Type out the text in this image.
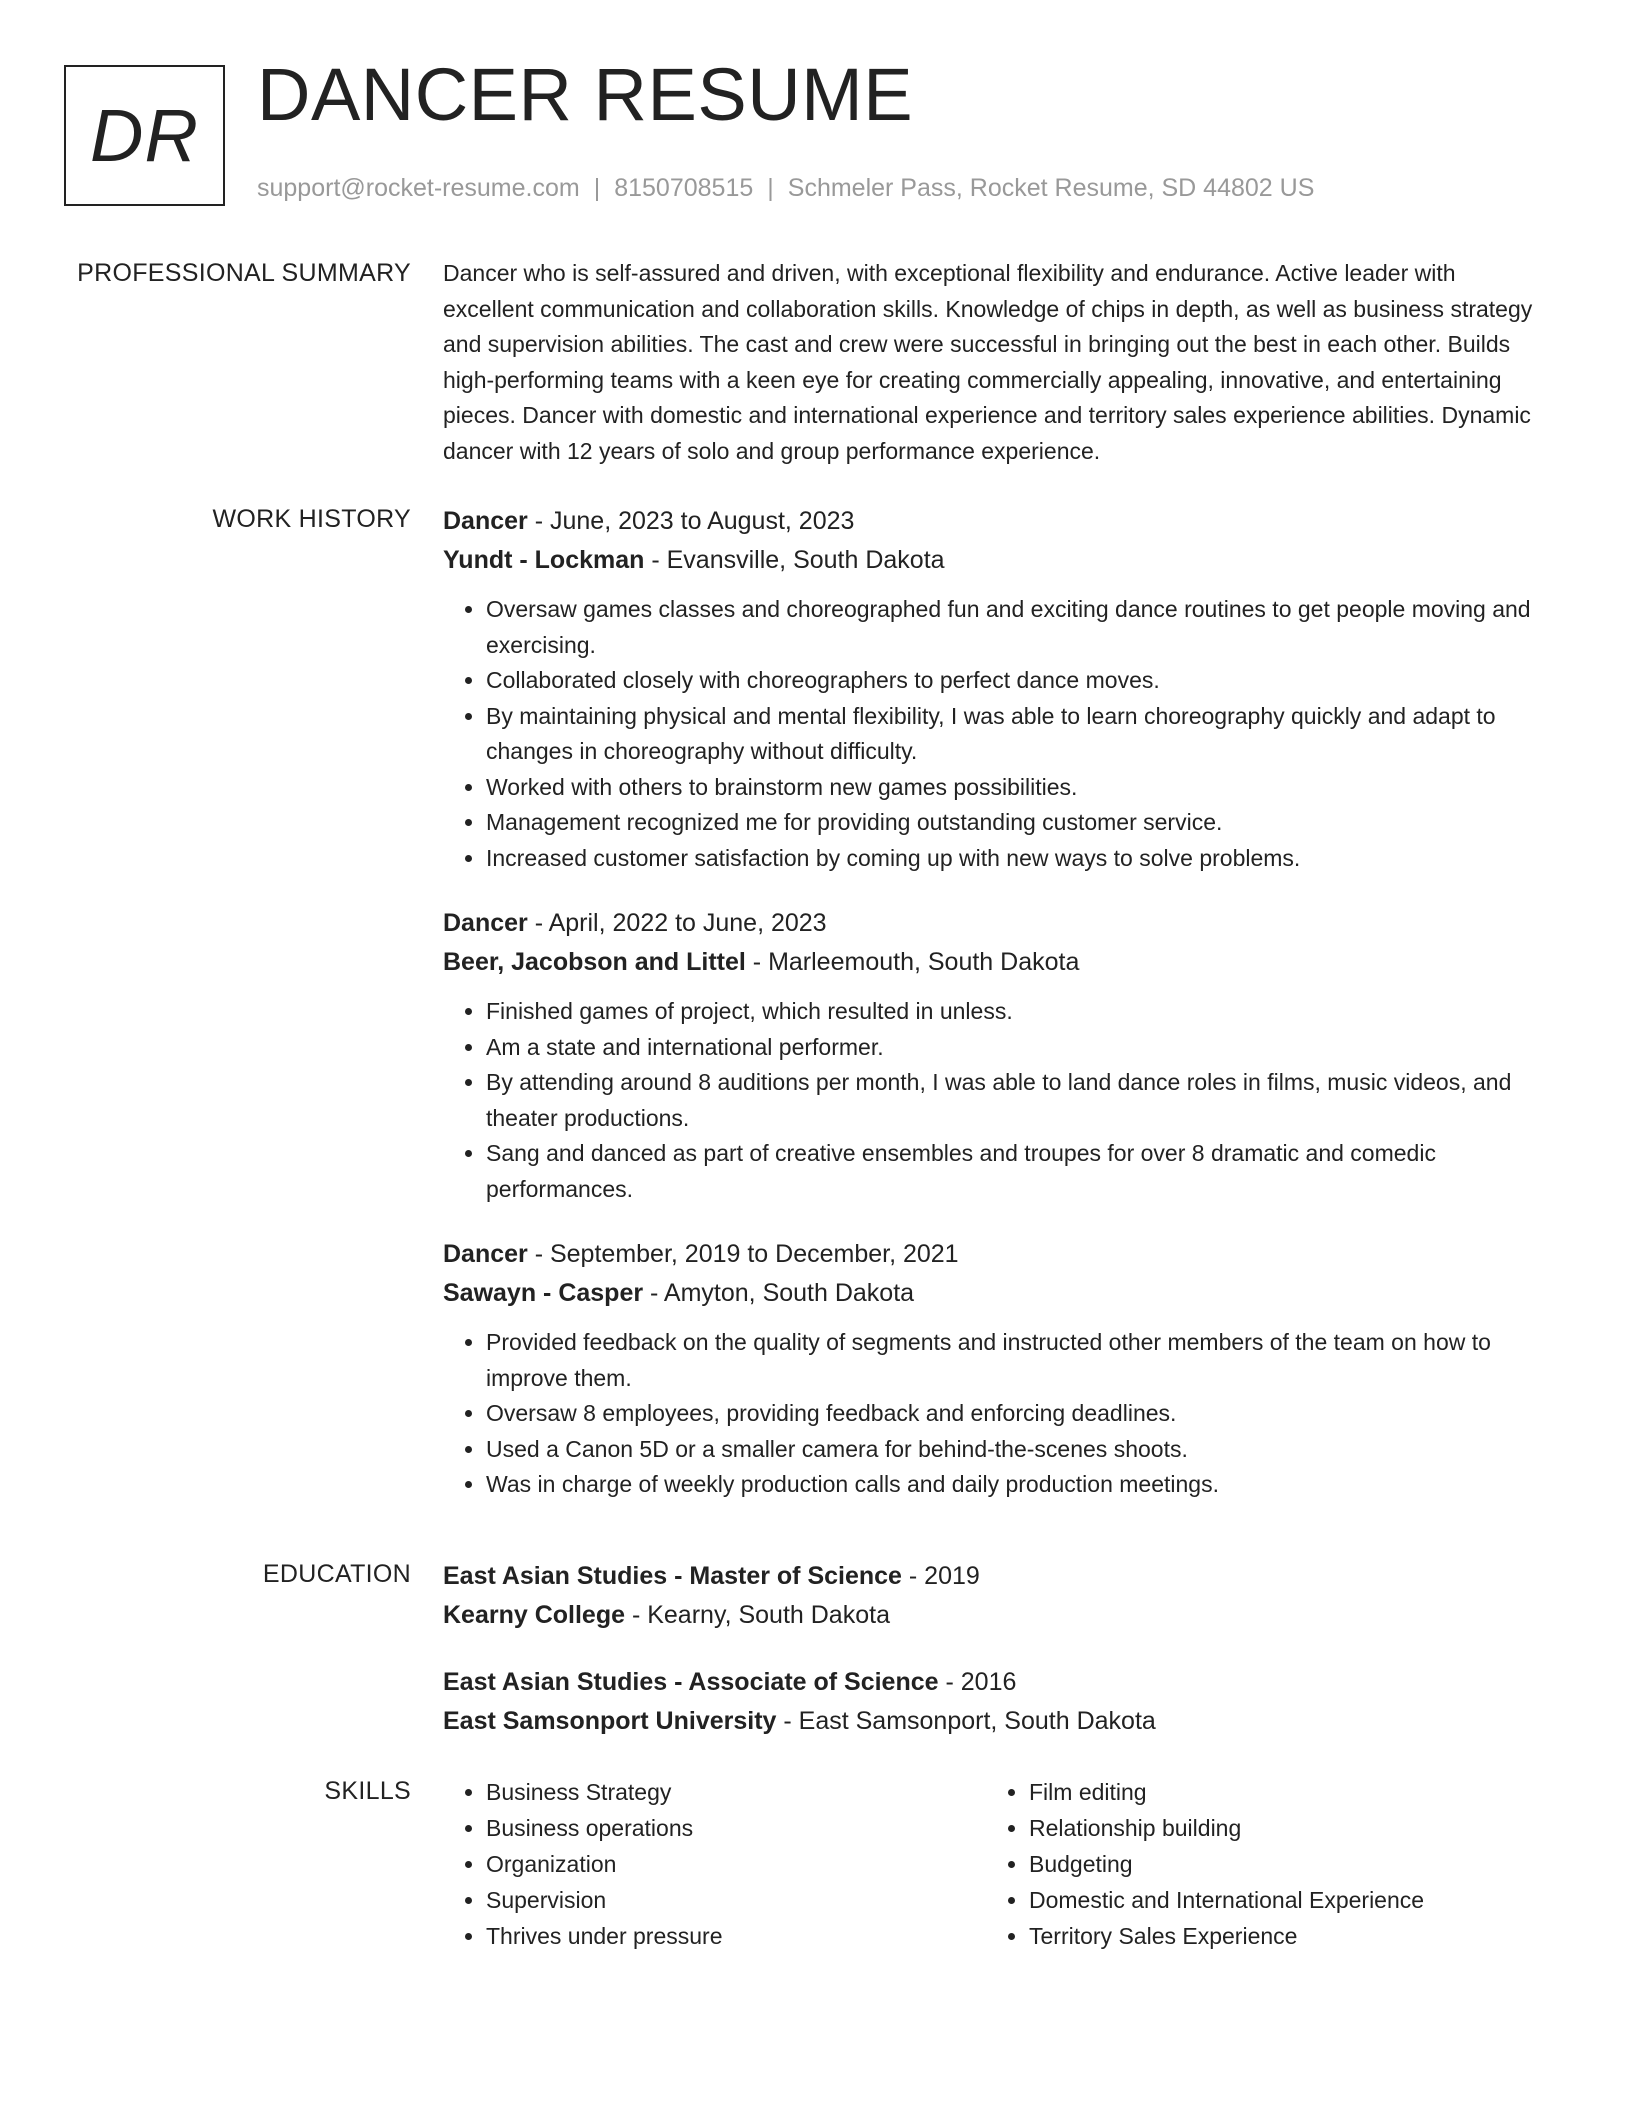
DR DANCER RESUME
support@rocket-resume.com | 8150708515 | Schmeler Pass, Rocket Resume, SD 44802 US
PROFESSIONAL SUMMARY Dancer who is self-assured and driven, with exceptional flexibility and endurance. Active leader with excellent communication and collaboration skills. Knowledge of chips in depth, as well as business strategy and supervision abilities. The cast and crew were successful in bringing out the best in each other. Builds high-performing teams with a keen eye for creating commercially appealing, innovative, and entertaining pieces. Dancer with domestic and international experience and territory sales experience abilities. Dynamic dancer with 12 years of solo and group performance experience.

WORK HISTORY Dancer - June, 2023 to August, 2023
Yundt - Lockman - Evansville, South Dakota
• Oversaw games classes and choreographed fun and exciting dance routines to get people moving and exercising.
• Collaborated closely with choreographers to perfect dance moves.
• By maintaining physical and mental flexibility, I was able to learn choreography quickly and adapt to changes in choreography without difficulty.
• Worked with others to brainstorm new games possibilities.
• Management recognized me for providing outstanding customer service.
• Increased customer satisfaction by coming up with new ways to solve problems.
Dancer - April, 2022 to June, 2023
Beer, Jacobson and Littel - Marleemouth, South Dakota
• Finished games of project, which resulted in unless.
• Am a state and international performer.
• By attending around 8 auditions per month, I was able to land dance roles in films, music videos, and theater productions.
• Sang and danced as part of creative ensembles and troupes for over 8 dramatic and comedic performances.
Dancer - September, 2019 to December, 2021
Sawayn - Casper - Amyton, South Dakota
• Provided feedback on the quality of segments and instructed other members of the team on how to improve them.
• Oversaw 8 employees, providing feedback and enforcing deadlines.
• Used a Canon 5D or a smaller camera for behind-the-scenes shoots.
• Was in charge of weekly production calls and daily production meetings.
EDUCATION East Asian Studies - Master of Science - 2019
Kearny College - Kearny, South Dakota
East Asian Studies - Associate of Science - 2016
East Samsonport University - East Samsonport, South Dakota
SKILLS
•	Business Strategy
• Business operations
• Organization
• Supervision
• Thrives under pressure
• Film editing
• Relationship building
• Budgeting
• Domestic and International Experience
• Territory Sales Experience
